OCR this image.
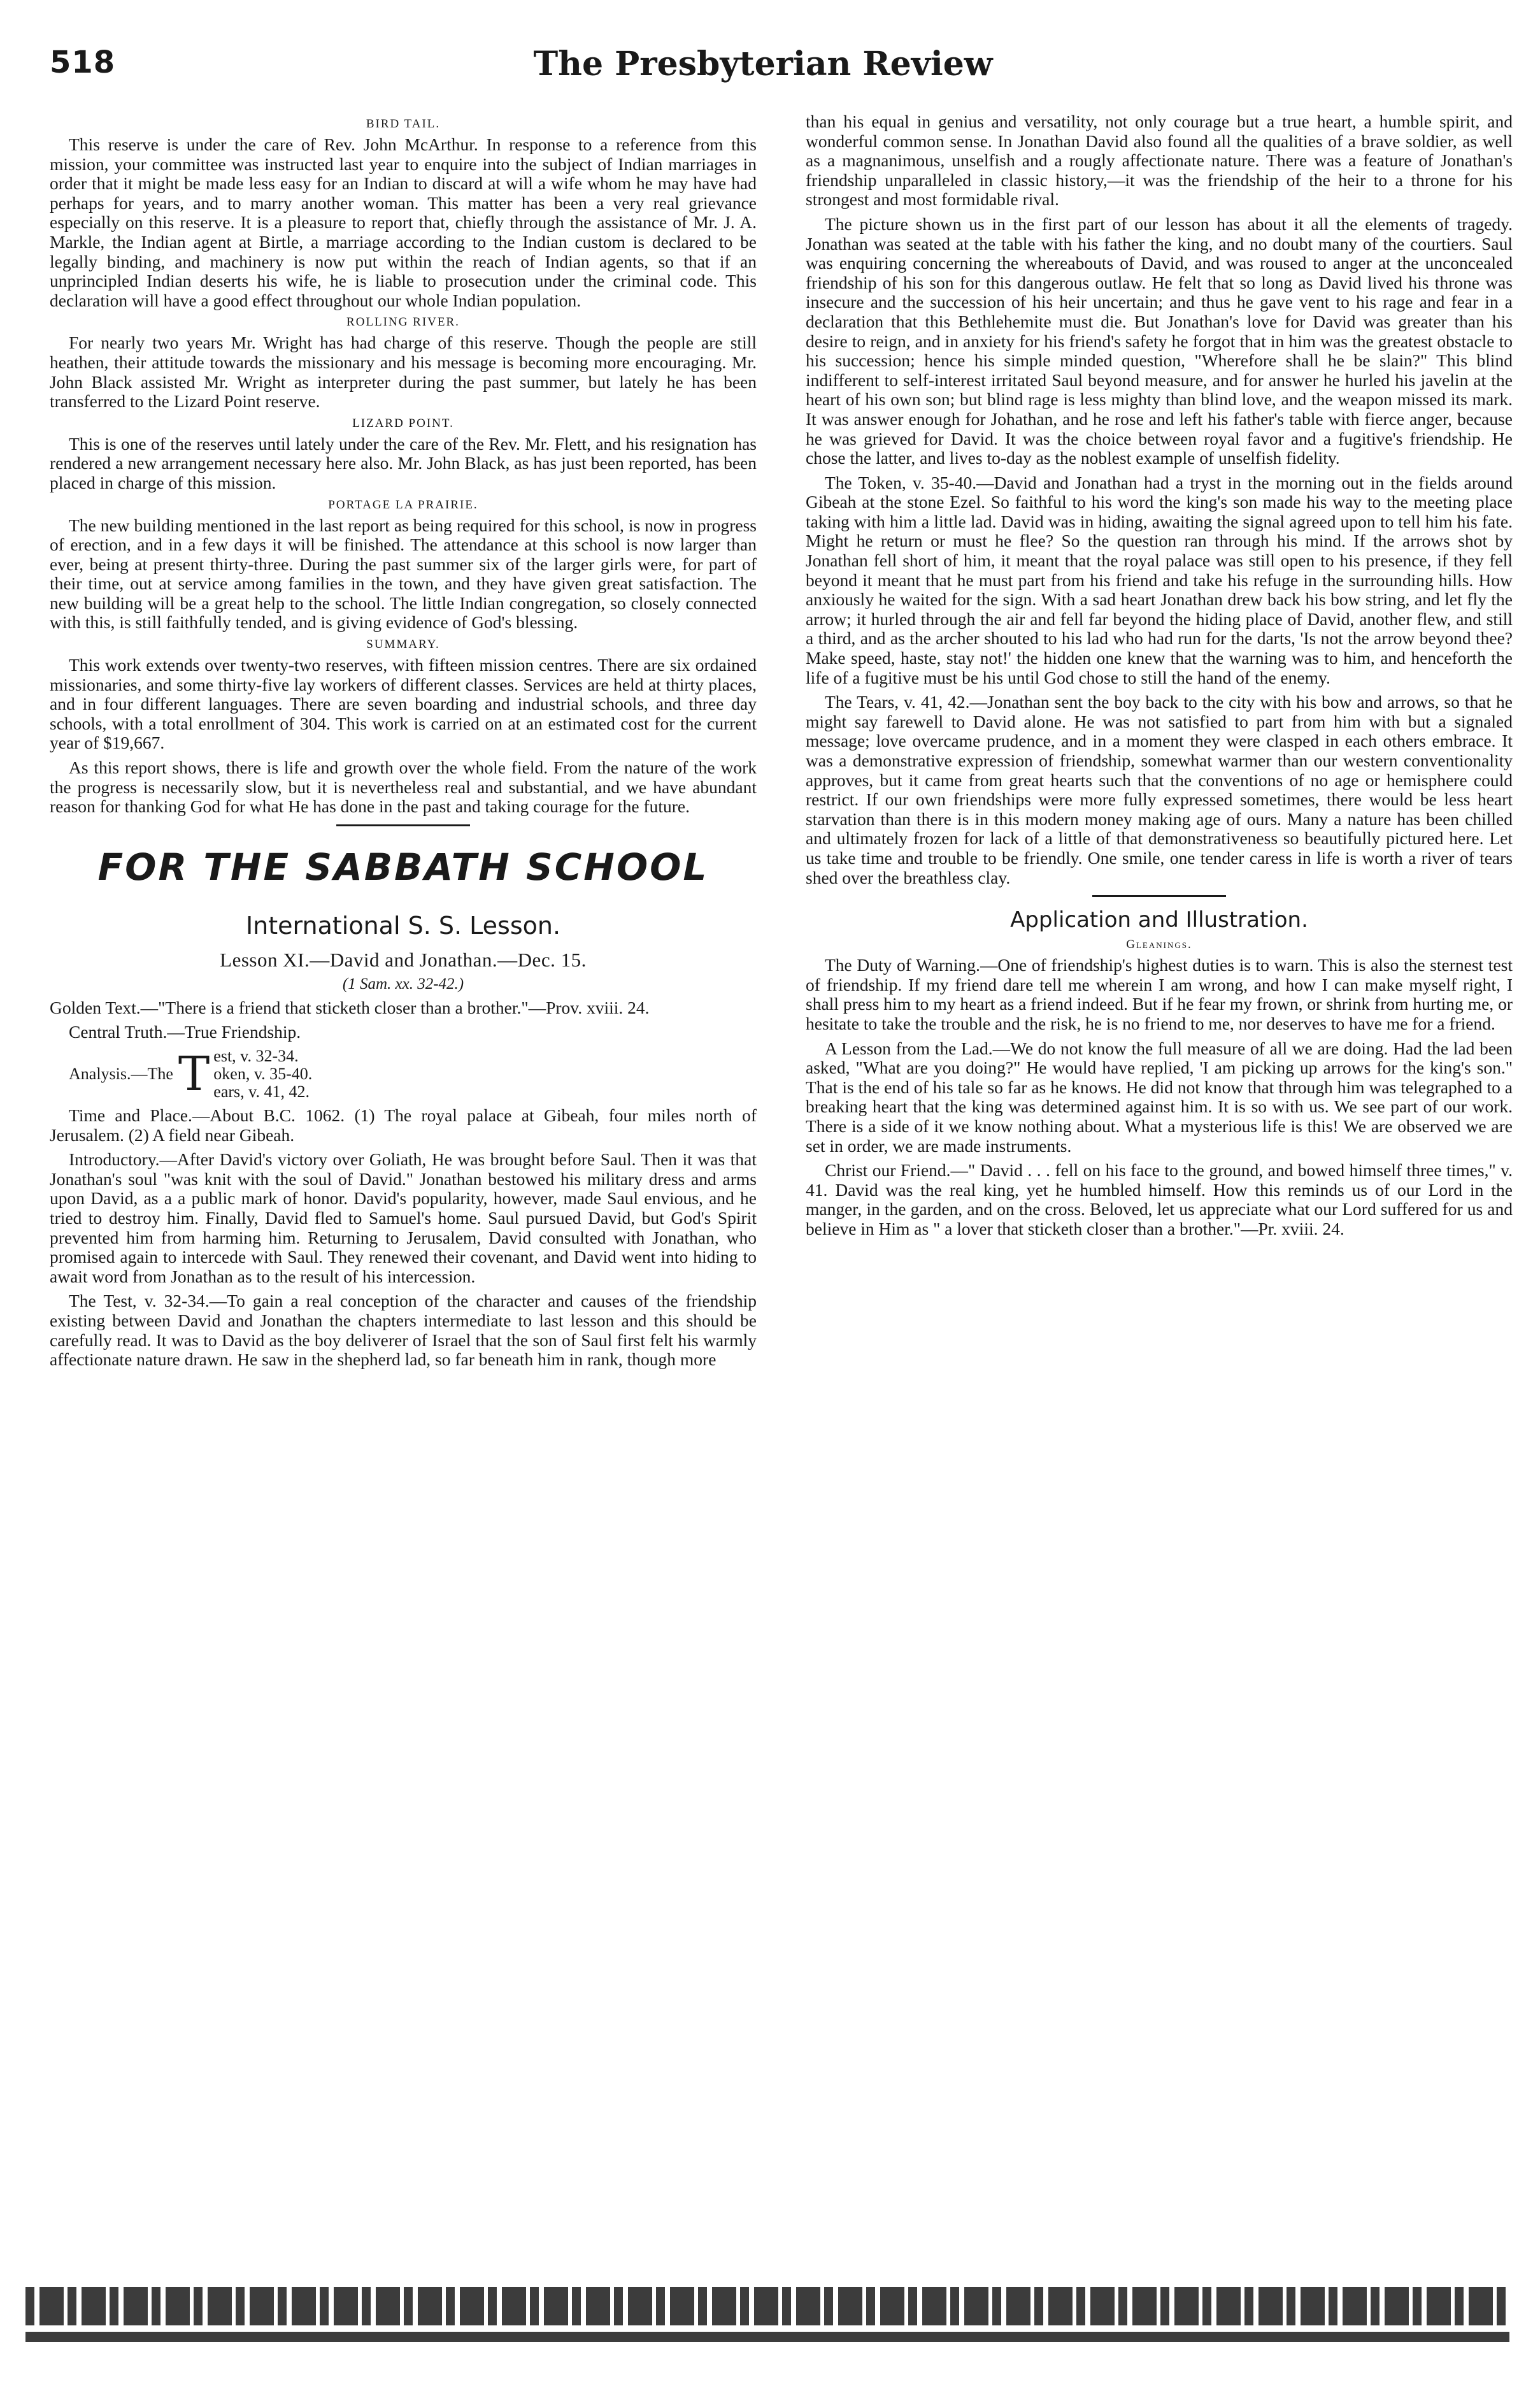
518	The Presbyterian Review
BIRD TAIL.

This reserve is under the care of Rev. John McArthur. In response to a reference from this mission, your committee was instructed last year to enquire into the subject of Indian marriages in order that it might be made less easy for an Indian to discard at will a wife whom he may have had perhaps for years, and to marry another woman. This matter has been a very real grievance especially on this reserve. It is a pleasure to report that, chiefly through the assistance of Mr. J. A. Markle, the Indian agent at Birtle, a marriage according to the Indian custom is declared to be legally binding, and machinery is now put within the reach of Indian agents, so that if an unprincipled Indian deserts his wife, he is liable to prosecution under the criminal code. This declaration will have a good effect throughout our whole Indian population.

ROLLING RIVER.

For nearly two years Mr. Wright has had charge of this reserve. Though the people are still heathen, their attitude towards the missionary and his message is becoming more encouraging. Mr. John Black assisted Mr. Wright as interpreter during the past summer, but lately he has been transferred to the Lizard Point reserve.

LIZARD POINT.

This is one of the reserves until lately under the care of the Rev. Mr. Flett, and his resignation has rendered a new arrangement necessary here also. Mr. John Black, as has just been reported, has been placed in charge of this mission.

PORTAGE LA PRAIRIE.

The new building mentioned in the last report as being required for this school, is now in progress of erection, and in a few days it will be finished. The attendance at this school is now larger than ever, being at present thirty-three. During the past summer six of the larger girls were, for part of their time, out at service among families in the town, and they have given great satisfaction. The new building will be a great help to the school. The little Indian congregation, so closely connected with this, is still faithfully tended, and is giving evidence of God's blessing.

SUMMARY.

This work extends over twenty-two reserves, with fifteen mission centres. There are six ordained missionaries, and some thirty-five lay workers of different classes. Services are held at thirty places, and in four different languages. There are seven boarding and industrial schools, and three day schools, with a total enrollment of 304. This work is carried on at an estimated cost for the current year of $19,667.

As this report shows, there is life and growth over the whole field. From the nature of the work the progress is necessarily slow, but it is nevertheless real and substantial, and we have abundant reason for thanking God for what He has done in the past and taking courage for the future.

FOR THE SABBATH SCHOOL
International S. S. Lesson.
Lesson XI.—David and Jonathan.—Dec. 15.
(1 Sam. xx. 32-42.)

Golden Text.—"There is a friend that sticketh closer than a brother."—Prov. xviii. 24.

Central Truth.—True Friendship.

Analysis.—The T est, v. 32-34.
oken, v. 35-40.
ears, v. 41, 42.

Time and Place.—About B.C. 1062. (1) The royal palace at Gibeah, four miles north of Jerusalem. (2) A field near Gibeah.

Introductory.—After David's victory over Goliath, He was brought before Saul. Then it was that Jonathan's soul "was knit with the soul of David." Jonathan bestowed his military dress and arms upon David, as a a public mark of honor. David's popularity, however, made Saul envious, and he tried to destroy him. Finally, David fled to Samuel's home. Saul pursued David, but God's Spirit prevented him from harming him. Returning to Jerusalem, David consulted with Jonathan, who promised again to intercede with Saul. They renewed their covenant, and David went into hiding to await word from Jonathan as to the result of his intercession.

The Test, v. 32-34.—To gain a real conception of the character and causes of the friendship existing between David and Jonathan the chapters intermediate to last lesson and this should be carefully read. It was to David as the boy deliverer of Israel that the son of Saul first felt his warmly affectionate nature drawn. He saw in the shepherd lad, so far beneath him in rank, though more

than his equal in genius and versatility, not only courage but a true heart, a humble spirit, and wonderful common sense. In Jonathan David also found all the qualities of a brave soldier, as well as a magnanimous, unselfish and a rougly affectionate nature. There was a feature of Jonathan's friendship unparalleled in classic history,—it was the friendship of the heir to a throne for his strongest and most formidable rival.

The picture shown us in the first part of our lesson has about it all the elements of tragedy. Jonathan was seated at the table with his father the king, and no doubt many of the courtiers. Saul was enquiring concerning the whereabouts of David, and was roused to anger at the unconcealed friendship of his son for this dangerous outlaw. He felt that so long as David lived his throne was insecure and the succession of his heir uncertain; and thus he gave vent to his rage and fear in a declaration that this Bethlehemite must die. But Jonathan's love for David was greater than his desire to reign, and in anxiety for his friend's safety he forgot that in him was the greatest obstacle to his succession; hence his simple minded question, "Wherefore shall he be slain?" This blind indifferent to self-interest irritated Saul beyond measure, and for answer he hurled his javelin at the heart of his own son; but blind rage is less mighty than blind love, and the weapon missed its mark. It was answer enough for Johathan, and he rose and left his father's table with fierce anger, because he was grieved for David. It was the choice between royal favor and a fugitive's friendship. He chose the latter, and lives to-day as the noblest example of unselfish fidelity.

The Token, v. 35-40.—David and Jonathan had a tryst in the morning out in the fields around Gibeah at the stone Ezel. So faithful to his word the king's son made his way to the meeting place taking with him a little lad. David was in hiding, awaiting the signal agreed upon to tell him his fate. Might he return or must he flee? So the question ran through his mind. If the arrows shot by Jonathan fell short of him, it meant that the royal palace was still open to his presence, if they fell beyond it meant that he must part from his friend and take his refuge in the surrounding hills. How anxiously he waited for the sign. With a sad heart Jonathan drew back his bow string, and let fly the arrow; it hurled through the air and fell far beyond the hiding place of David, another flew, and still a third, and as the archer shouted to his lad who had run for the darts, 'Is not the arrow beyond thee? Make speed, haste, stay not!' the hidden one knew that the warning was to him, and henceforth the life of a fugitive must be his until God chose to still the hand of the enemy.

The Tears, v. 41, 42.—Jonathan sent the boy back to the city with his bow and arrows, so that he might say farewell to David alone. He was not satisfied to part from him with but a signaled message; love overcame prudence, and in a moment they were clasped in each others embrace. It was a demonstrative expression of friendship, somewhat warmer than our western conventionality approves, but it came from great hearts such that the conventions of no age or hemisphere could restrict. If our own friendships were more fully expressed sometimes, there would be less heart starvation than there is in this modern money making age of ours. Many a nature has been chilled and ultimately frozen for lack of a little of that demonstrativeness so beautifully pictured here. Let us take time and trouble to be friendly. One smile, one tender caress in life is worth a river of tears shed over the breathless clay.

Application and Illustration.
Gleanings.

The Duty of Warning.—One of friendship's highest duties is to warn. This is also the sternest test of friendship. If my friend dare tell me wherein I am wrong, and how I can make myself right, I shall press him to my heart as a friend indeed. But if he fear my frown, or shrink from hurting me, or hesitate to take the trouble and the risk, he is no friend to me, nor deserves to have me for a friend.

A Lesson from the Lad.—We do not know the full measure of all we are doing. Had the lad been asked, "What are you doing?" He would have replied, 'I am picking up arrows for the king's son." That is the end of his tale so far as he knows. He did not know that through him was telegraphed to a breaking heart that the king was determined against him. It is so with us. We see part of our work. There is a side of it we know nothing about. What a mysterious life is this! We are observed we are set in order, we are made instruments.

Christ our Friend.—" David . . . fell on his face to the ground, and bowed himself three times," v. 41. David was the real king, yet he humbled himself. How this reminds us of our Lord in the manger, in the garden, and on the cross. Beloved, let us appreciate what our Lord suffered for us and believe in Him as " a lover that sticketh closer than a brother."—Pr. xviii. 24.
